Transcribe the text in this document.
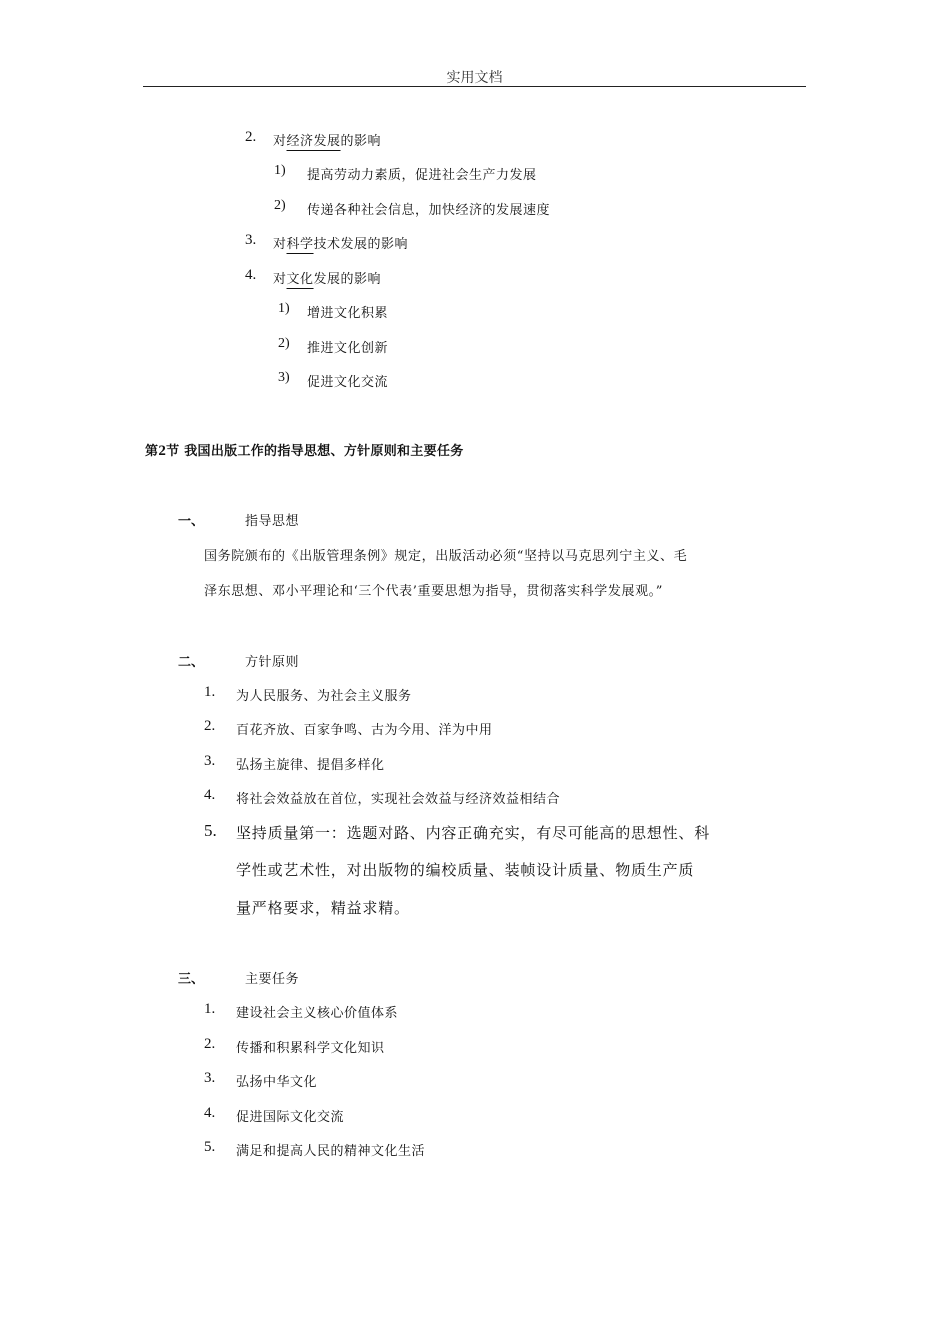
实用文档
2. 对经济发展的影响
1) 提高劳动力素质，促进社会生产力发展
2) 传递各种社会信息，加快经济的发展速度
3. 对科学技术发展的影响
4. 对文化发展的影响
1) 增进文化积累
2) 推进文化创新
3) 促进文化交流
第2节 我国出版工作的指导思想、方针原则和主要任务
一、	指导思想
国务院颁布的《出版管理条例》规定，出版活动必须“坚持以马克思列宁主义、毛
泽东思想、邓小平理论和‘三个代表’重要思想为指导，贯彻落实科学发展观。”
二、	方针原则
1. 为人民服务、为社会主义服务
2. 百花齐放、百家争鸣、古为今用、洋为中用
3. 弘扬主旋律、提倡多样化
4. 将社会效益放在首位，实现社会效益与经济效益相结合
5. 坚持质量第一：选题对路、内容正确充实，有尽可能高的思想性、科
学性或艺术性，对出版物的编校质量、装帧设计质量、物质生产质
量严格要求，精益求精。
三、	主要任务
1. 建设社会主义核心价值体系
2. 传播和积累科学文化知识
3. 弘扬中华文化
4. 促进国际文化交流
5. 满足和提高人民的精神文化生活
